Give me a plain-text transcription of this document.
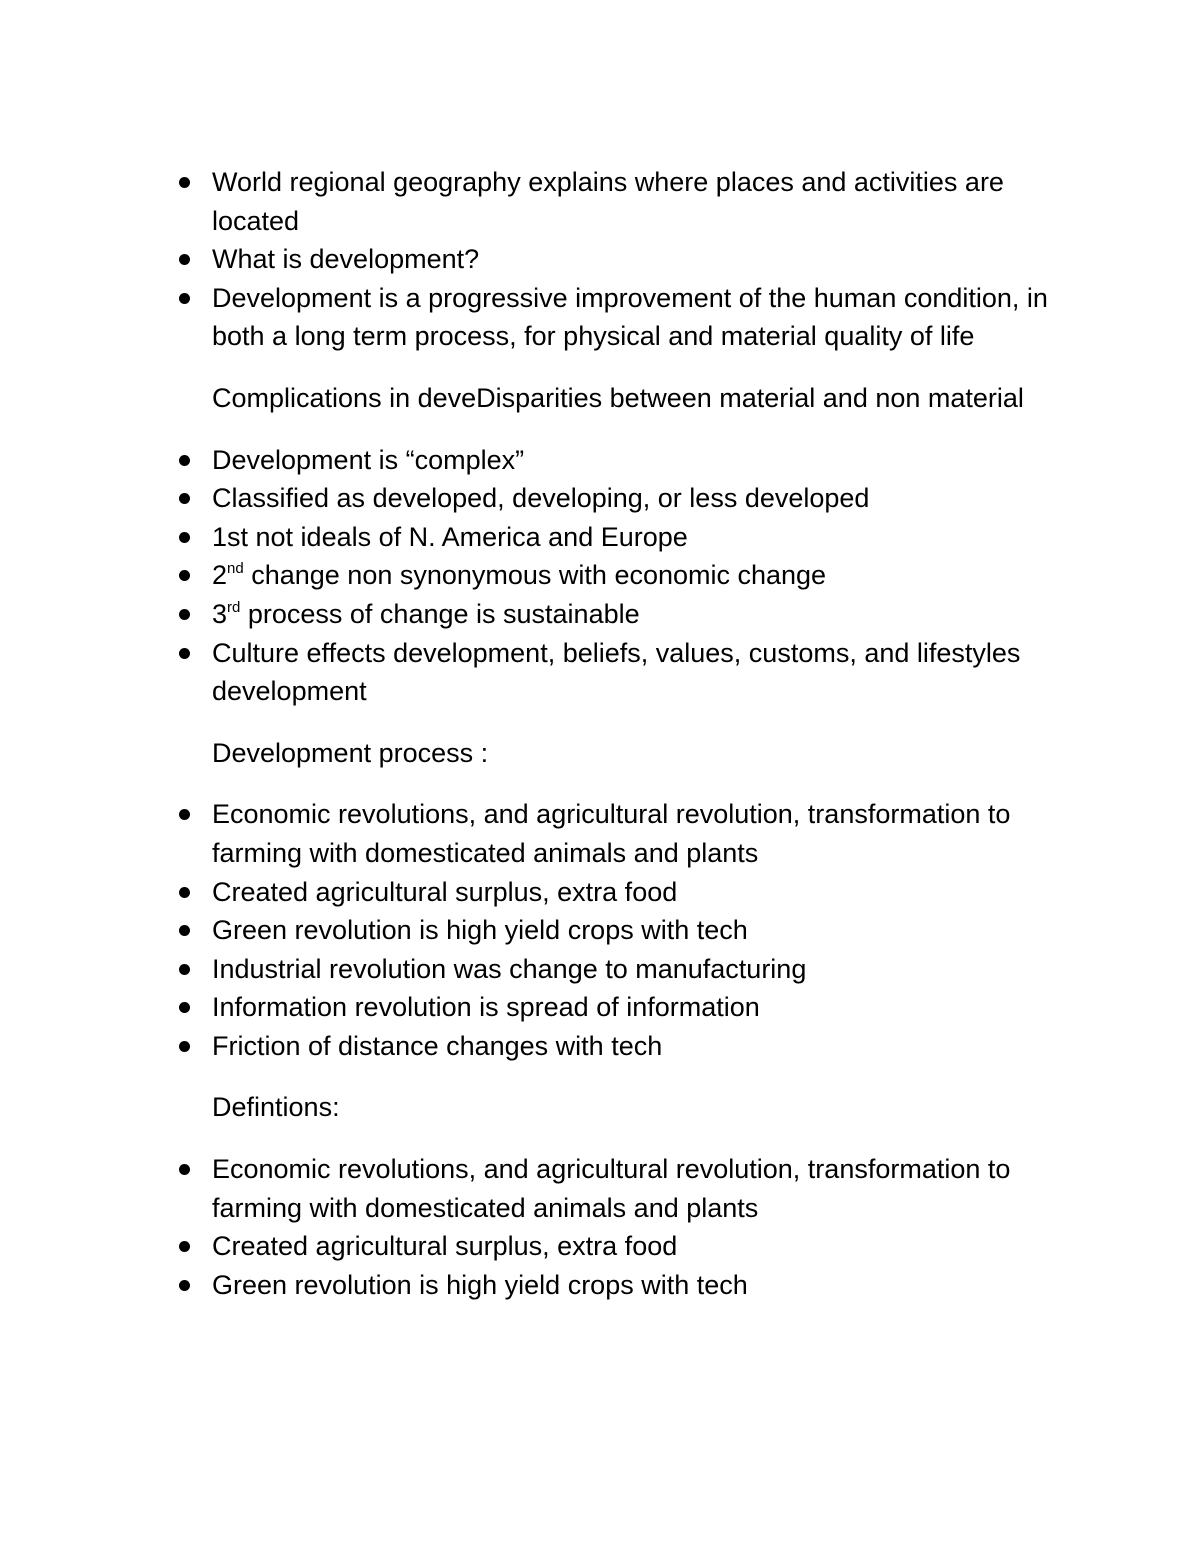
World regional geography explains where places and activities are located
What is development?
Development is a progressive improvement of the human condition, in both a long term process, for physical and material quality of life

Complications in deveDisparities between material and non material

Development is “complex”
Classified as developed, developing, or less developed
1st not ideals of N. America and Europe
2nd change non synonymous with economic change
3rd process of change is sustainable
Culture effects development, beliefs, values, customs, and lifestyles development

Development process :

Economic revolutions, and agricultural revolution, transformation to farming with domesticated animals and plants
Created agricultural surplus, extra food
Green revolution is high yield crops with tech
Industrial revolution was change to manufacturing
Information revolution is spread of information
Friction of distance changes with tech

Defintions:

Economic revolutions, and agricultural revolution, transformation to farming with domesticated animals and plants
Created agricultural surplus, extra food
Green revolution is high yield crops with tech
